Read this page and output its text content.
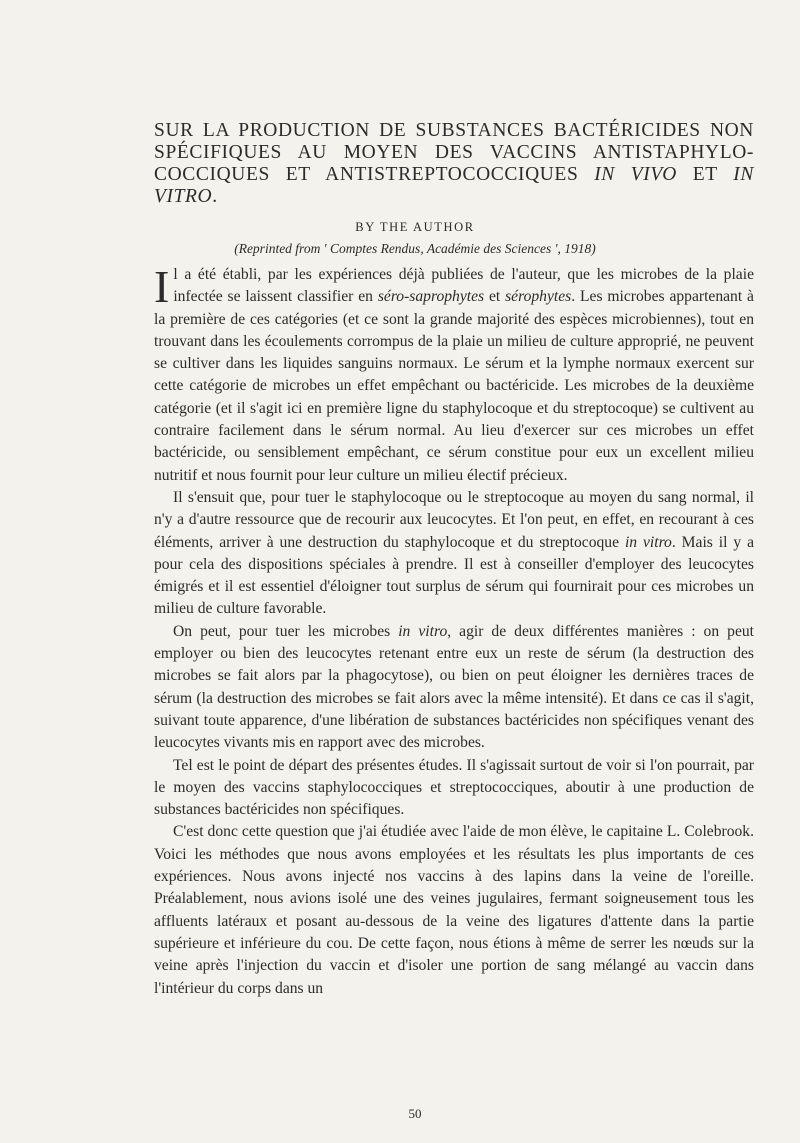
SUR LA PRODUCTION DE SUBSTANCES BACTÉRICIDES NON SPÉCIFIQUES AU MOYEN DES VACCINS ANTISTAPHYLO- COCCIQUES ET ANTISTREPTOCOCCIQUES IN VIVO ET IN VITRO.
BY THE AUTHOR
(Reprinted from ' Comptes Rendus, Académie des Sciences ', 1918)

Il a été établi, par les expériences déjà publiées de l'auteur, que les microbes de la plaie infectée se laissent classifier en séro-saprophytes et sérophytes. Les microbes appartenant à la première de ces catégories (et ce sont la grande majorité des espèces microbiennes), tout en trouvant dans les écoulements corrompus de la plaie un milieu de culture approprié, ne peuvent se cultiver dans les liquides sanguins normaux. Le sérum et la lymphe normaux exercent sur cette catégorie de microbes un effet empêchant ou bactéricide. Les microbes de la deuxième catégorie (et il s'agit ici en première ligne du staphylocoque et du streptocoque) se cultivent au contraire facilement dans le sérum normal. Au lieu d'exercer sur ces microbes un effet bactéricide, ou sensiblement empêchant, ce sérum constitue pour eux un excellent milieu nutritif et nous fournit pour leur culture un milieu électif précieux.

Il s'ensuit que, pour tuer le staphylocoque ou le streptocoque au moyen du sang normal, il n'y a d'autre ressource que de recourir aux leucocytes. Et l'on peut, en effet, en recourant à ces éléments, arriver à une destruction du staphylocoque et du streptocoque in vitro. Mais il y a pour cela des dispositions spéciales à prendre. Il est à conseiller d'employer des leucocytes émigrés et il est essentiel d'éloigner tout surplus de sérum qui fournirait pour ces microbes un milieu de culture favorable.

On peut, pour tuer les microbes in vitro, agir de deux différentes manières : on peut employer ou bien des leucocytes retenant entre eux un reste de sérum (la destruction des microbes se fait alors par la phagocytose), ou bien on peut éloigner les dernières traces de sérum (la destruction des microbes se fait alors avec la même intensité). Et dans ce cas il s'agit, suivant toute apparence, d'une libération de substances bactéricides non spécifiques venant des leucocytes vivants mis en rapport avec des microbes.

Tel est le point de départ des présentes études. Il s'agissait surtout de voir si l'on pourrait, par le moyen des vaccins staphylococciques et streptococciques, aboutir à une production de substances bactéricides non spécifiques.

C'est donc cette question que j'ai étudiée avec l'aide de mon élève, le capitaine L. Colebrook. Voici les méthodes que nous avons employées et les résultats les plus importants de ces expériences. Nous avons injecté nos vaccins à des lapins dans la veine de l'oreille. Préalablement, nous avions isolé une des veines jugulaires, fermant soigneusement tous les affluents latéraux et posant au-dessous de la veine des ligatures d'attente dans la partie supérieure et inférieure du cou. De cette façon, nous étions à même de serrer les nœuds sur la veine après l'injection du vaccin et d'isoler une portion de sang mélangé au vaccin dans l'intérieur du corps dans un

50
